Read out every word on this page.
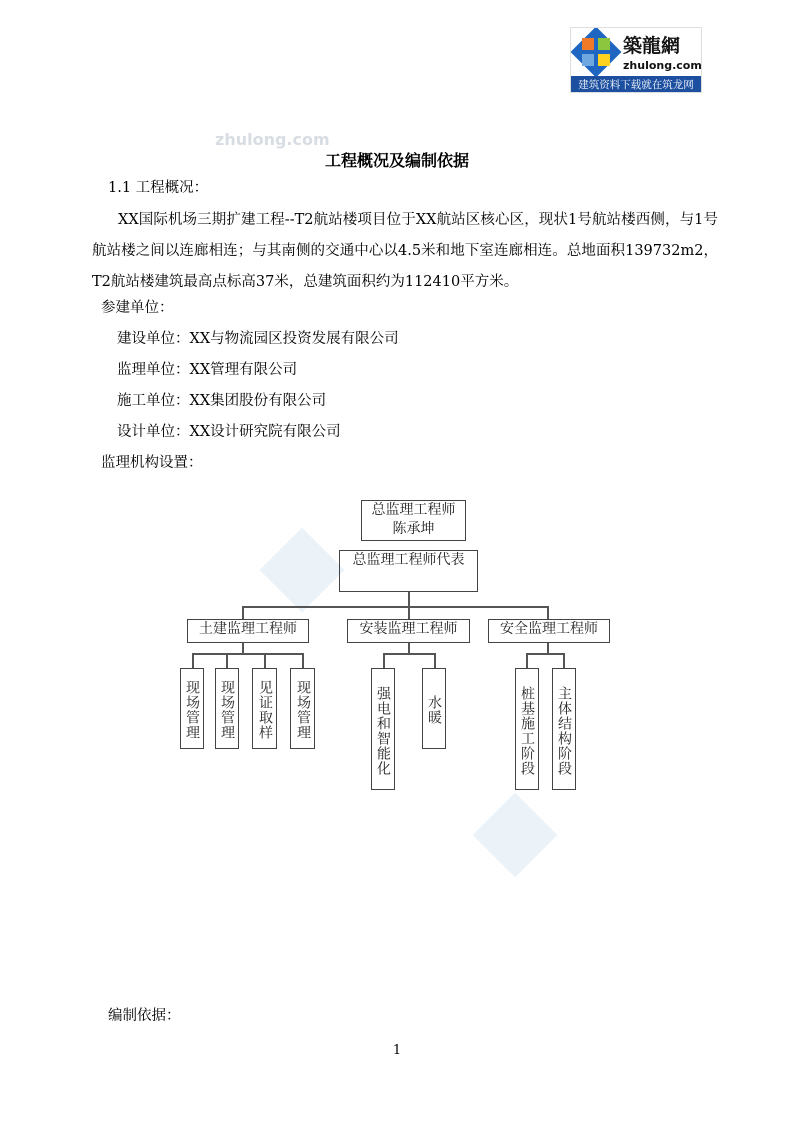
築龍網
zhulong.com
建筑资料下载就在筑龙网
zhulong.com
工程概况及编制依据
1.1 工程概况：
XX国际机场三期扩建工程--T2航站楼项目位于XX航站区核心区，现状1号航站楼西侧，与1号航站楼之间以连廊相连；与其南侧的交通中心以4.5米和地下室连廊相连。总地面积139732m2，T2航站楼建筑最高点标高37米，总建筑面积约为112410平方米。
参建单位：
建设单位：XX与物流园区投资发展有限公司
监理单位：XX管理有限公司
施工单位：XX集团股份有限公司
设计单位：XX设计研究院有限公司
监理机构设置：
总监理工程师
陈承坤
总监理工程师代表
土建监理工程师	安装监理工程师	安全监理工程师
现场管理 现场管理	见证取样	现场管理	强电和智能化	水暖	桩基施工阶段 主体结构阶段
编制依据：
1
